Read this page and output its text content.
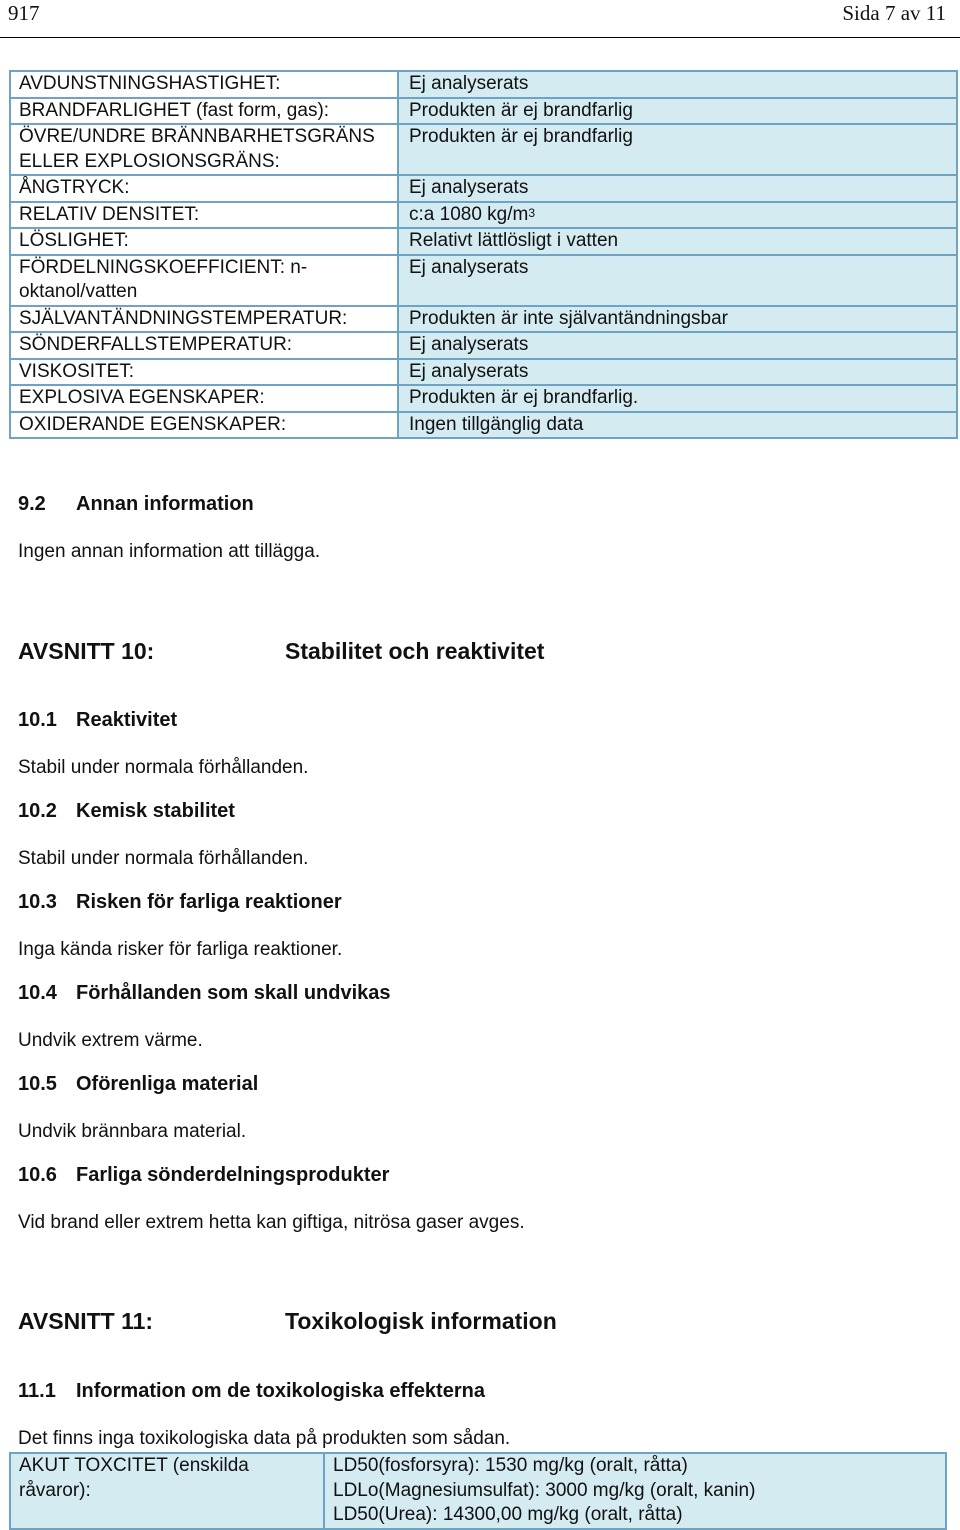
917	Sida 7 av 11
AVDUNSTNINGSHASTIGHET:	Ej analyserats
BRANDFARLIGHET (fast form, gas):	Produkten är ej brandfarlig
ÖVRE/UNDRE BRÄNNBARHETSGRÄNS ELLER EXPLOSIONSGRÄNS:	Produkten är ej brandfarlig
ÅNGTRYCK:	Ej analyserats
RELATIV DENSITET:	c:a 1080 $kg/m^3$
LÖSLIGHET:	Relativt lättlösligt i vatten
FÖRDELNINGSKOEFFICIENT: n-oktanol/vatten	Ej analyserats
SJÄLVANTÄNDNINGSTEMPERATUR:	Produkten är inte självantändningsbar
SÖNDERFALLSTEMPERATUR:	Ej analyserats
VISKOSITET:	Ej analyserats
EXPLOSIVA EGENSKAPER:	Produkten är ej brandfarlig.
OXIDERANDE EGENSKAPER:	Ingen tillgänglig data
9.2 Annan information
Ingen annan information att tillägga.
AVSNITT 10:	Stabilitet och reaktivitet
10.1 Reaktivitet
Stabil under normala förhållanden.
10.2 Kemisk stabilitet
Stabil under normala förhållanden.
10.3 Risken för farliga reaktioner
Inga kända risker för farliga reaktioner.
10.4 Förhållanden som skall undvikas
Undvik extrem värme.
10.5 Oförenliga material
Undvik brännbara material.
10.6 Farliga sönderdelningsprodukter
Vid brand eller extrem hetta kan giftiga, nitrösa gaser avges.
AVSNITT 11:	Toxikologisk information
11.1 Information om de toxikologiska effekterna
Det finns inga toxikologiska data på produkten som sådan.
AKUT TOXCITET (enskilda råvaror):	
LD50(fosforsyra): 1530 mg/kg (oralt, råtta)
LDLo(Magnesiumsulfat): 3000 mg/kg (oralt, kanin)
LD50(Urea): 14300,00 mg/kg (oralt, råtta)
